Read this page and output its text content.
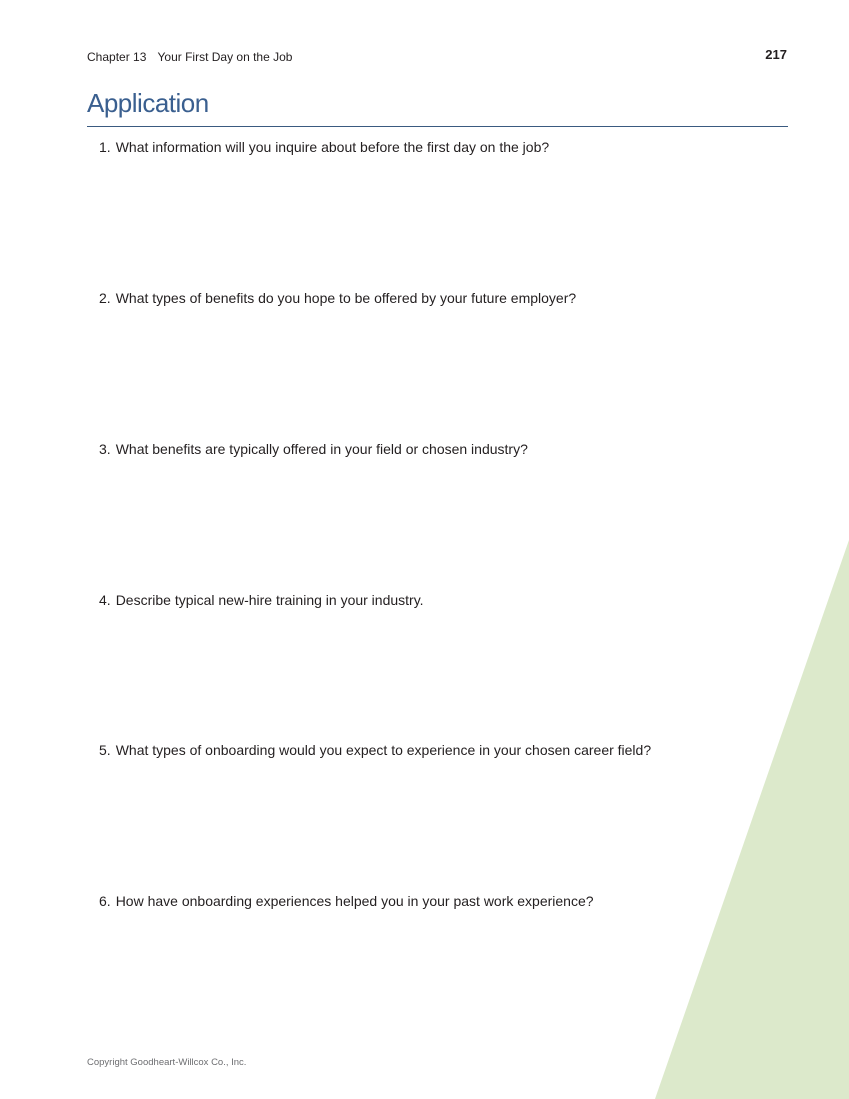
Chapter 13 Your First Day on the Job	217
Application
1. What information will you inquire about before the first day on the job?
2. What types of benefits do you hope to be offered by your future employer?
3. What benefits are typically offered in your field or chosen industry?
4. Describe typical new-hire training in your industry.
5. What types of onboarding would you expect to experience in your chosen career field?
6. How have onboarding experiences helped you in your past work experience?
Copyright Goodheart-Willcox Co., Inc.
